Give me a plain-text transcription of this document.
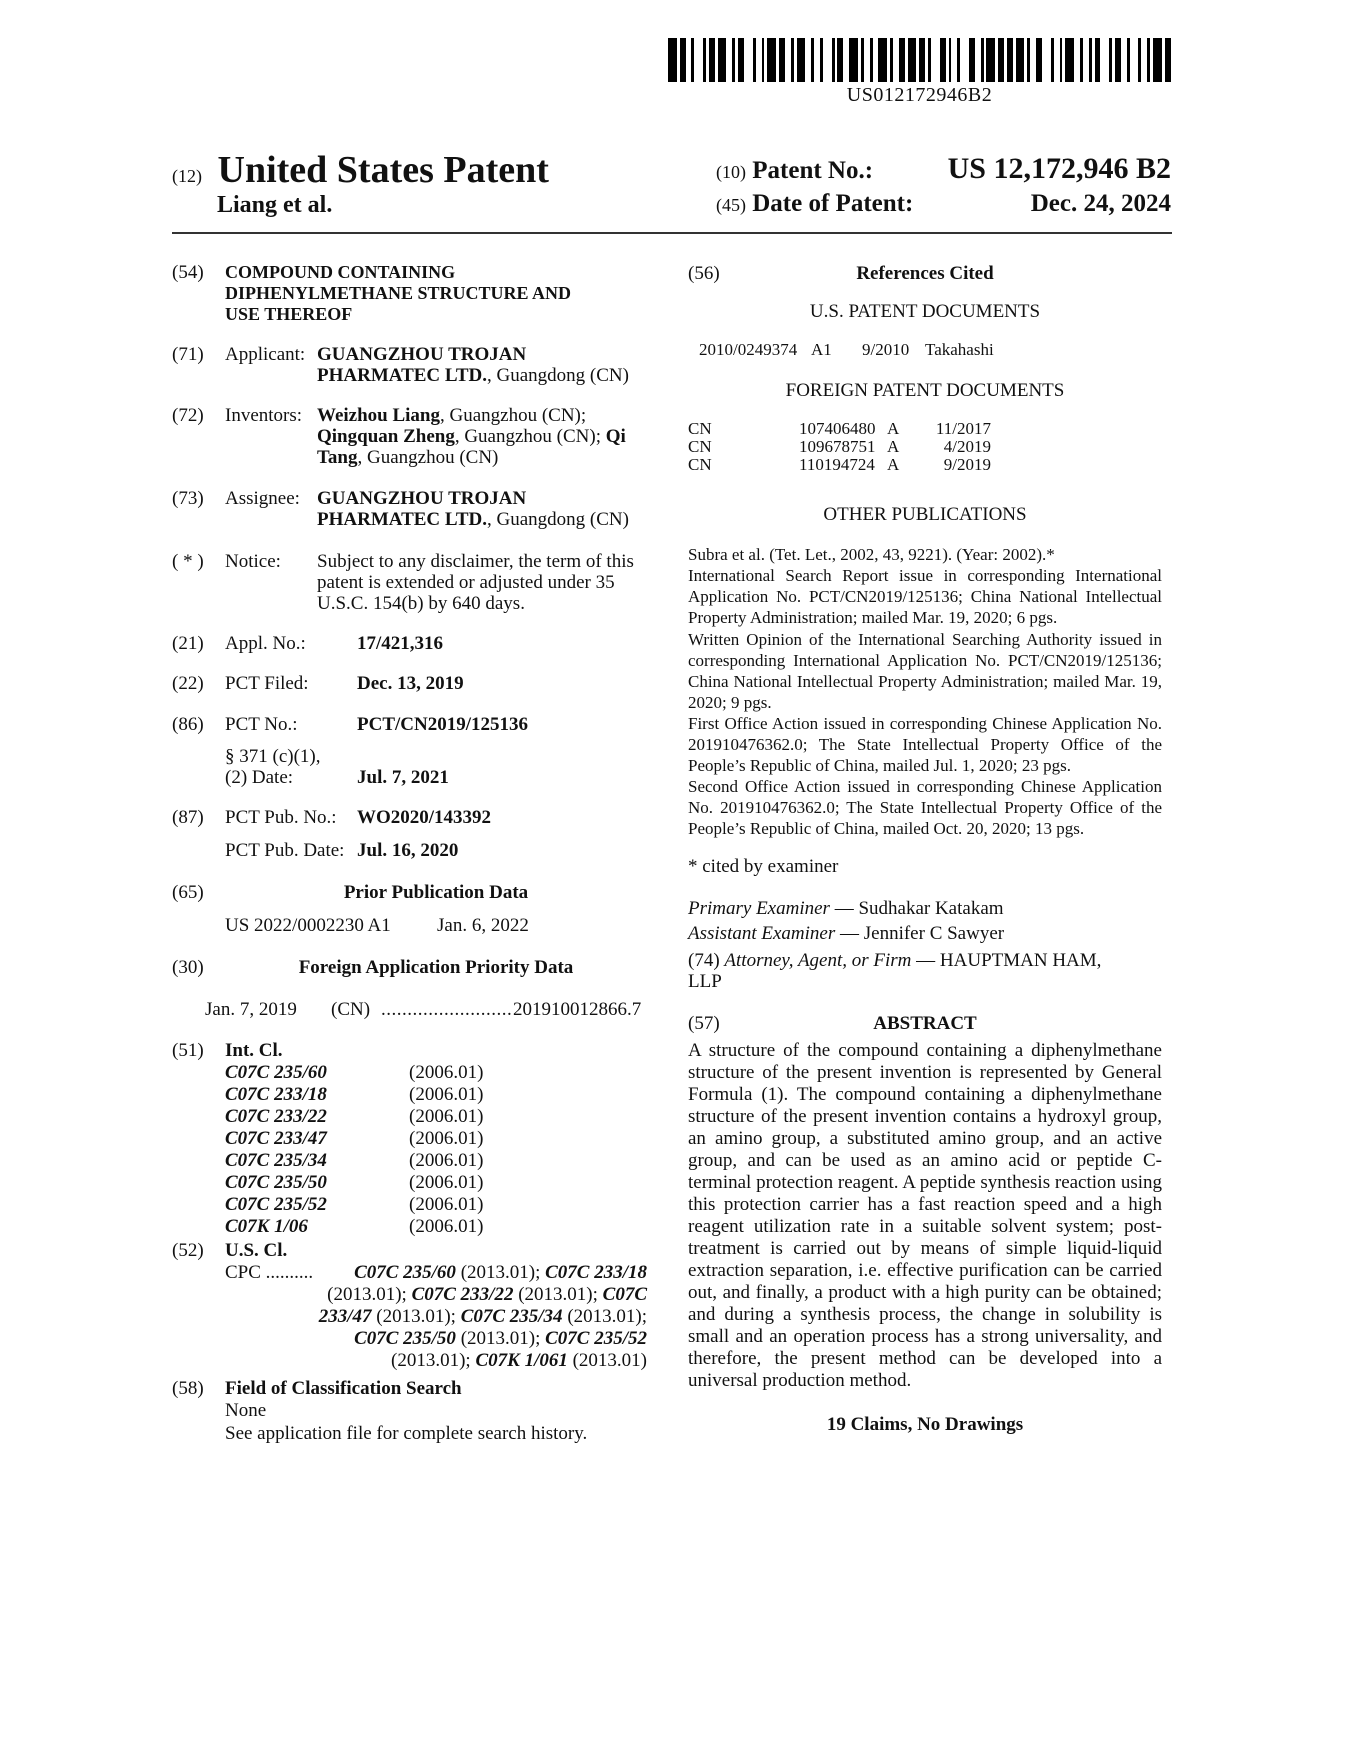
US012172946B2
(12) United States Patent
Liang et al.
(10) Patent No.: US 12,172,946 B2
(45) Date of Patent:	Dec. 24, 2024
(54) COMPOUND CONTAINING
DIPHENYLMETHANE STRUCTURE AND
USE THEREOF
(71) Applicant: GUANGZHOU TROJAN
PHARMATEC LTD., Guangdong (CN)
(72) Inventors: Weizhou Liang, Guangzhou (CN);
Qingquan Zheng, Guangzhou (CN); Qi
Tang, Guangzhou (CN)
(73) Assignee: GUANGZHOU TROJAN
PHARMATEC LTD., Guangdong (CN)
( * ) Notice: Subject to any disclaimer, the term of this
patent is extended or adjusted under 35
U.S.C. 154(b) by 640 days.
(21) Appl. No.:	17/421,316
(22) PCT Filed:	Dec. 13, 2019
(86) PCT No.:	PCT/CN2019/125136
§ 371 (c)(1),
(2) Date:	Jul. 7, 2021
(87) PCT Pub. No.: WO2020/143392
PCT Pub. Date: Jul. 16, 2020
(65)	Prior Publication Data
US 2022/0002230 A1 Jan. 6, 2022
(30)	Foreign Application Priority Data
Jan. 7, 2019 (CN) ......................... 201910012866.7
(51) Int. Cl.
C07C 235/60	(2006.01)
C07C 233/18	(2006.01)
C07C 233/22	(2006.01)
C07C 233/47	(2006.01)
C07C 235/34	(2006.01)
C07C 235/50	(2006.01)
C07C 235/52	(2006.01)
C07K 1/06	(2006.01)
(52) U.S. Cl.
CPC .......... C07C 235/60 (2013.01); C07C 233/18
(2013.01); C07C 233/22 (2013.01); C07C
233/47 (2013.01); C07C 235/34 (2013.01);
C07C 235/50 (2013.01); C07C 235/52
(2013.01); C07K 1/061 (2013.01)
(58) Field of Classification Search
None
See application file for complete search history.
(56)	References Cited
U.S. PATENT DOCUMENTS
2010/0249374 A1 9/2010 Takahashi
FOREIGN PATENT DOCUMENTS
CN	107406480 A	11/2017
CN	109678751 A	4/2019
CN	110194724 A	9/2019
OTHER PUBLICATIONS
Subra et al. (Tet. Let., 2002, 43, 9221). (Year: 2002).*
International Search Report issue in corresponding International Application No. PCT/CN2019/125136; China National Intellectual Property Administration; mailed Mar. 19, 2020; 6 pgs.
Written Opinion of the International Searching Authority issued in corresponding International Application No. PCT/CN2019/125136; China National Intellectual Property Administration; mailed Mar. 19, 2020; 9 pgs.
First Office Action issued in corresponding Chinese Application No. 201910476362.0; The State Intellectual Property Office of the People’s Republic of China, mailed Jul. 1, 2020; 23 pgs.
Second Office Action issued in corresponding Chinese Application No. 201910476362.0; The State Intellectual Property Office of the People’s Republic of China, mailed Oct. 20, 2020; 13 pgs.
* cited by examiner
Primary Examiner — Sudhakar Katakam
Assistant Examiner — Jennifer C Sawyer
(74) Attorney, Agent, or Firm — HAUPTMAN HAM,
LLP
(57)	ABSTRACT
A structure of the compound containing a diphenylmethane structure of the present invention is represented by General Formula (1). The compound containing a diphenylmethane structure of the present invention contains a hydroxyl group, an amino group, a substituted amino group, and an active group, and can be used as an amino acid or peptide C-terminal protection reagent. A peptide synthesis reaction using this protection carrier has a fast reaction speed and a high reagent utilization rate in a suitable solvent system; post-treatment is carried out by means of simple liquid-liquid extraction separation, i.e. effective purification can be carried out, and finally, a product with a high purity can be obtained; and during a synthesis process, the change in solubility is small and an operation process has a strong universality, and therefore, the present method can be developed into a universal production method.
19 Claims, No Drawings
